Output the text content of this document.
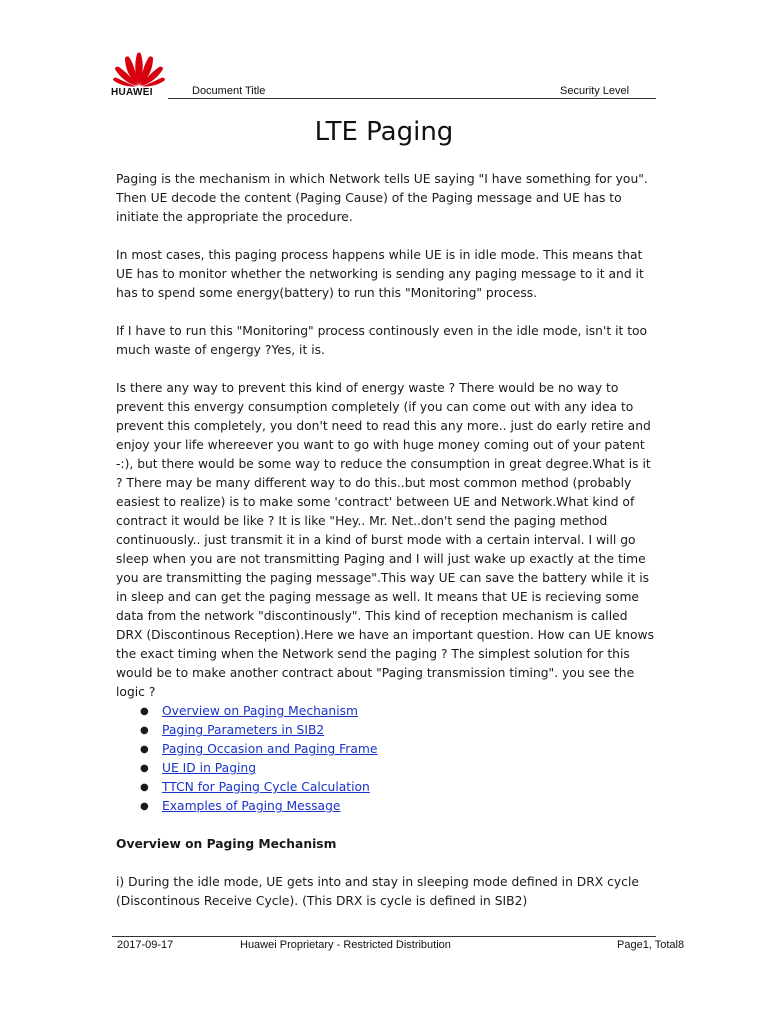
HUAWEI	Document Title	Security Level
LTE Paging

Paging is the mechanism in which Network tells UE saying "I have something for you". Then UE decode the content (Paging Cause) of the Paging message and UE has to initiate the appropriate the procedure.

In most cases, this paging process happens while UE is in idle mode. This means that UE has to monitor whether the networking is sending any paging message to it and it has to spend some energy(battery) to run this "Monitoring" process.

If I have to run this "Monitoring" process continously even in the idle mode, isn't it too much waste of engergy ?Yes, it is.

Is there any way to prevent this kind of energy waste ? There would be no way to prevent this envergy consumption completely (if you can come out with any idea to prevent this completely, you don't need to read this any more.. just do early retire and enjoy your life whereever you want to go with huge money coming out of your patent -:), but there would be some way to reduce the consumption in great degree.What is it ? There may be many different way to do this..but most common method (probably easiest to realize) is to make some 'contract' between UE and Network.What kind of contract it would be like ? It is like "Hey.. Mr. Net..don't send the paging method continuously.. just transmit it in a kind of burst mode with a certain interval. I will go sleep when you are not transmitting Paging and I will just wake up exactly at the time you are transmitting the paging message".This way UE can save the battery while it is in sleep and can get the paging message as well. It means that UE is recieving some data from the network "discontinously". This kind of reception mechanism is called DRX (Discontinous Reception).Here we have an important question. How can UE knows the exact timing when the Network send the paging ? The simplest solution for this would be to make another contract about "Paging transmission timing". you see the logic ?

● Overview on Paging Mechanism
● Paging Parameters in SIB2
● Paging Occasion and Paging Frame
● UE ID in Paging
● TTCN for Paging Cycle Calculation
● Examples of Paging Message
Overview on Paging Mechanism

i) During the idle mode, UE gets into and stay in sleeping mode defined in DRX cycle (Discontinous Receive Cycle). (This DRX is cycle is defined in SIB2)

2017-09-17	Huawei Proprietary - Restricted Distribution	Page1, Total8
